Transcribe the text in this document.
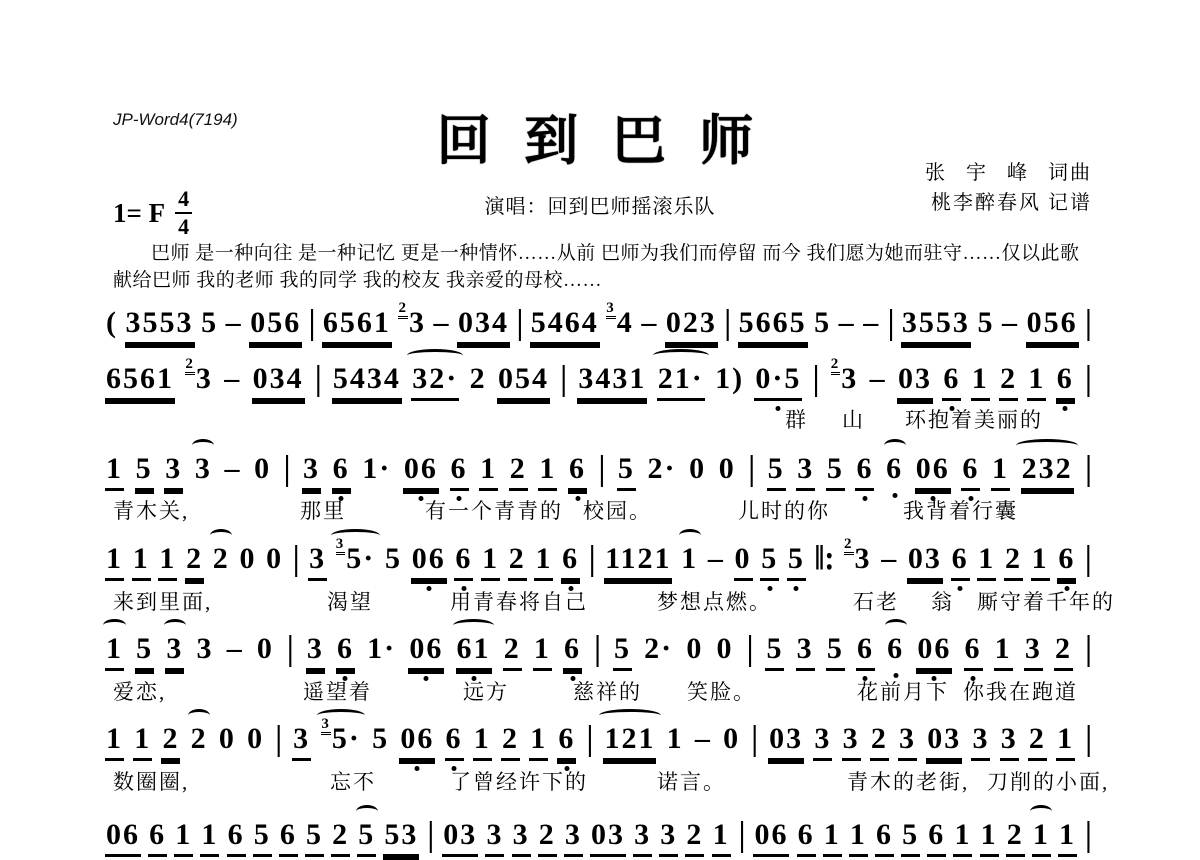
JP-Word4(7194)	回 到 巴 师
1= F $\frac{4}{4}$	演唱：回到巴师摇滚乐队
张 宇 峰 词曲
桃李醉春风 记谱
巴师 是一种向往 是一种记忆 更是一种情怀……从前 巴师为我们而停留 而今 我们愿为她而驻守……仅以此歌
献给巴师 我的老师 我的同学 我的校友 我亲爱的母校……
( 3553 5 – 056 | 6561 $^2$3 – 034 | 5464 $^3$4 – 023 | 5665 5 – – | 3553 5 – 056 |
6561 $^2$3 – 034 | 5434 32· 2 054 | 3431 21· 1) 0·5 | $^2$3 – 03 6 1 2 1 6 |
群 山 环抱着美丽的
1 5 3 3 – 0 | 3 6 1· 06 6 1 2 1 6 | 5 2· 0 0 | 5 3 5 6 6 06 6 1 232 |
青木关,	那里	有一个青青的 校园。	儿时的你	我背着行囊
1 1 1 2 2 0 0 | 3 $^3$5· 5 06 6 1 2 1 6 | 1121 1 – 0 5 5 ‖: $^2$3 – 03 6 1 2 1 6 |
来到里面,	渴望	用青春将自己	梦想点燃。	石老 翁 厮守着千年的
1 5 3 3 – 0 | 3 6 1· 06 61 2 1 6 | 5 2· 0 0 | 5 3 5 6 6 06 6 1 3 2 |
爱恋,	遥望着	远方	慈祥的 笑脸。	花前月下 你我在跑道
1 1 2 2 0 0 | 3 $^3$5· 5 06 6 1 2 1 6 | 121 1 – 0 | 03 3 3 2 3 03 3 3 2 1 |
数圈圈,	忘不	了曾经许下的	诺言。	青木的老街, 刀削的小面,
06 6 1 1 6 5 6 5 2 5 53 | 03 3 3 2 3 03 3 3 2 1 | 06 6 1 1 6 5 6 1 1 2 1 1 |
